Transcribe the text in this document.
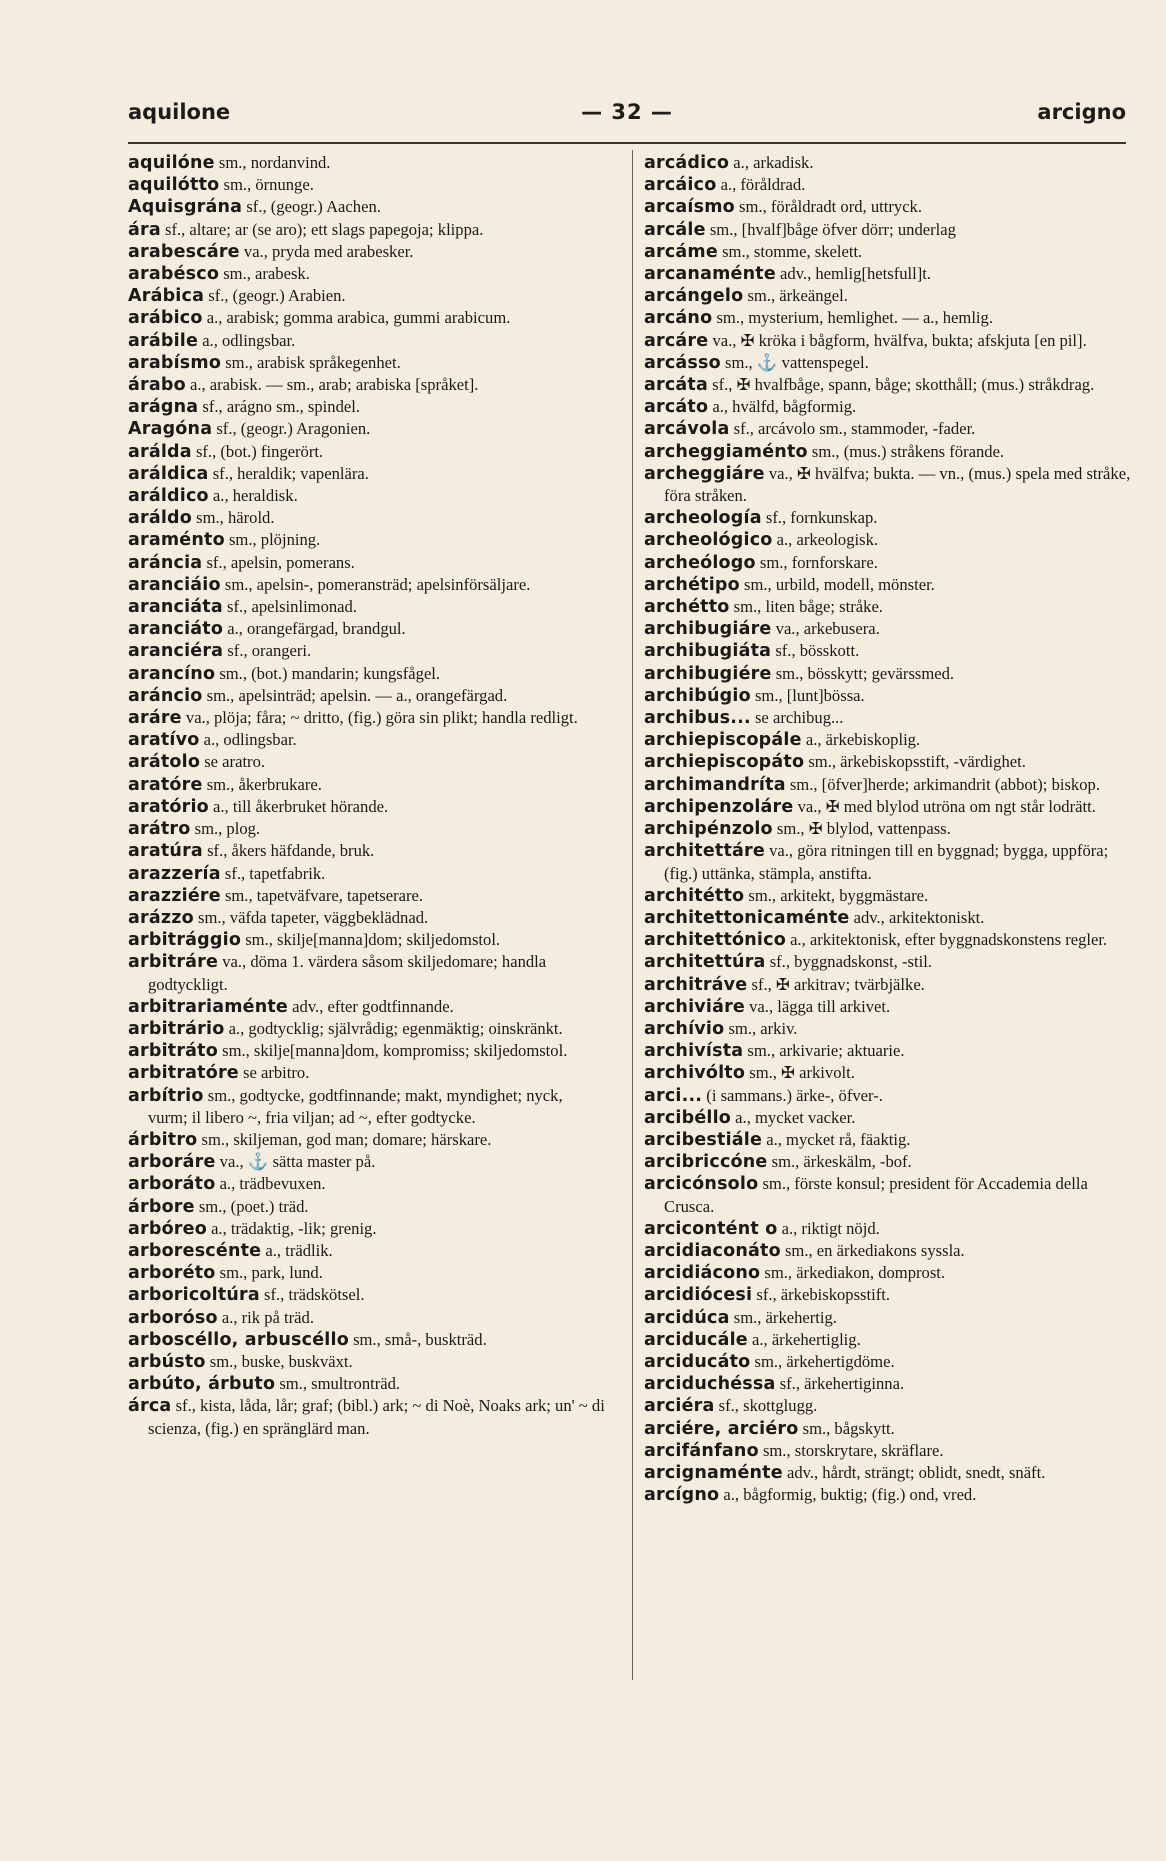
aquilone	— 32 —	arcigno

aquilóne sm., nordanvind.

aquilótto sm., örnunge.

Aquisgrána sf., (geogr.) Aachen.

ára sf., altare; ar (se aro); ett slags papegoja; klippa.

arabescáre va., pryda med arabesker.

arabésco sm., arabesk.

Arábica sf., (geogr.) Arabien.

arábico a., arabisk; gomma arabica, gummi arabicum.

arábile a., odlingsbar.

arabísmo sm., arabisk språkegenhet.

árabo a., arabisk. — sm., arab; arabiska [språket].

arágna sf., arágno sm., spindel.

Aragóna sf., (geogr.) Aragonien.

arálda sf., (bot.) fingerört.

aráldica sf., heraldik; vapenlära.

aráldico a., heraldisk.

aráldo sm., härold.

araménto sm., plöjning.

aráncia sf., apelsin, pomerans.

aranciáio sm., apelsin-, pomeransträd; apelsinförsäljare.

aranciáta sf., apelsinlimonad.

aranciáto a., orangefärgad, brandgul.

aranciéra sf., orangeri.

arancíno sm., (bot.) mandarin; kungsfågel.

aráncio sm., apelsinträd; apelsin. — a., orangefärgad.

aráre va., plöja; fåra; ~ dritto, (fig.) göra sin plikt; handla redligt.

aratívo a., odlingsbar.

arátolo se aratro.

aratóre sm., åkerbrukare.

aratório a., till åkerbruket hörande.

arátro sm., plog.

aratúra sf., åkers häfdande, bruk.

arazzería sf., tapetfabrik.

arazziére sm., tapetväfvare, tapetserare.

arázzo sm., väfda tapeter, väggbeklädnad.

arbitrággio sm., skilje[manna]dom; skiljedomstol.

arbitráre va., döma 1. värdera såsom skiljedomare; handla godtyckligt.

arbitrariaménte adv., efter godtfinnande.

arbitrário a., godtycklig; självrådig; egenmäktig; oinskränkt.

arbitráto sm., skilje[manna]dom, kompromiss; skiljedomstol.

arbitratóre se arbitro.

arbítrio sm., godtycke, godtfinnande; makt, myndighet; nyck, vurm; il libero ~, fria viljan; ad ~, efter godtycke.

árbitro sm., skiljeman, god man; domare; härskare.

arboráre va., ⚓ sätta master på.

arboráto a., trädbevuxen.

árbore sm., (poet.) träd.

arbóreo a., trädaktig, -lik; grenig.

arborescénte a., trädlik.

arboréto sm., park, lund.

arboricoltúra sf., trädskötsel.

arboróso a., rik på träd.

arboscéllo, arbuscéllo sm., små-, buskträd.

arbústo sm., buske, buskväxt.

arbúto, árbuto sm., smultronträd.

árca sf., kista, låda, lår; graf; (bibl.) ark; ~ di Noè, Noaks ark; un' ~ di scienza, (fig.) en spränglärd man.

arcádico a., arkadisk.

arcáico a., föråldrad.

arcaísmo sm., föråldradt ord, uttryck.

arcále sm., [hvalf]båge öfver dörr; underlag

arcáme sm., stomme, skelett.

arcanaménte adv., hemlig[hetsfull]t.

arcángelo sm., ärkeängel.

arcáno sm., mysterium, hemlighet. — a., hemlig.

arcáre va., ✠ kröka i bågform, hvälfva, bukta; afskjuta [en pil].

arcásso sm., ⚓ vattenspegel.

arcáta sf., ✠ hvalfbåge, spann, båge; skotthåll; (mus.) stråkdrag.

arcáto a., hvälfd, bågformig.

arcávola sf., arcávolo sm., stammoder, -fader.

archeggiaménto sm., (mus.) stråkens förande.

archeggiáre va., ✠ hvälfva; bukta. — vn., (mus.) spela med stråke, föra stråken.

archeología sf., fornkunskap.

archeológico a., arkeologisk.

archeólogo sm., fornforskare.

archétipo sm., urbild, modell, mönster.

archétto sm., liten båge; stråke.

archibugiáre va., arkebusera.

archibugiáta sf., bösskott.

archibugiére sm., bösskytt; gevärssmed.

archibúgio sm., [lunt]bössa.

archibus... se archibug...

archiepiscopále a., ärkebiskoplig.

archiepiscopáto sm., ärkebiskopsstift, -värdighet.

archimandríta sm., [öfver]herde; arkimandrit (abbot); biskop.

archipenzoláre va., ✠ med blylod utröna om ngt står lodrätt.

archipénzolo sm., ✠ blylod, vattenpass.

architettáre va., göra ritningen till en byggnad; bygga, uppföra; (fig.) uttänka, stämpla, anstifta.

architétto sm., arkitekt, byggmästare.

architettonicaménte adv., arkitektoniskt.

architettónico a., arkitektonisk, efter byggnadskonstens regler.

architettúra sf., byggnadskonst, -stil.

architráve sf., ✠ arkitrav; tvärbjälke.

archiviáre va., lägga till arkivet.

archívio sm., arkiv.

archivísta sm., arkivarie; aktuarie.

archivólto sm., ✠ arkivolt.

arci... (i sammans.) ärke-, öfver-.

arcibéllo a., mycket vacker.

arcibestiále a., mycket rå, fäaktig.

arcibriccóne sm., ärkeskälm, -bof.

arcicónsolo sm., förste konsul; president för Accademia della Crusca.

arcicontént o a., riktigt nöjd.

arcidiaconáto sm., en ärkediakons syssla.

arcidiácono sm., ärkediakon, domprost.

arcidiócesi sf., ärkebiskopsstift.

arcidúca sm., ärkehertig.

arciducále a., ärkehertiglig.

arciducáto sm., ärkehertigdöme.

arciduchéssa sf., ärkehertiginna.

arciéra sf., skottglugg.

arciére, arciéro sm., bågskytt.

arcifánfano sm., storskrytare, skräflare.

arcignaménte adv., hårdt, strängt; oblidt, snedt, snäft.

arcígno a., bågformig, buktig; (fig.) ond, vred.
